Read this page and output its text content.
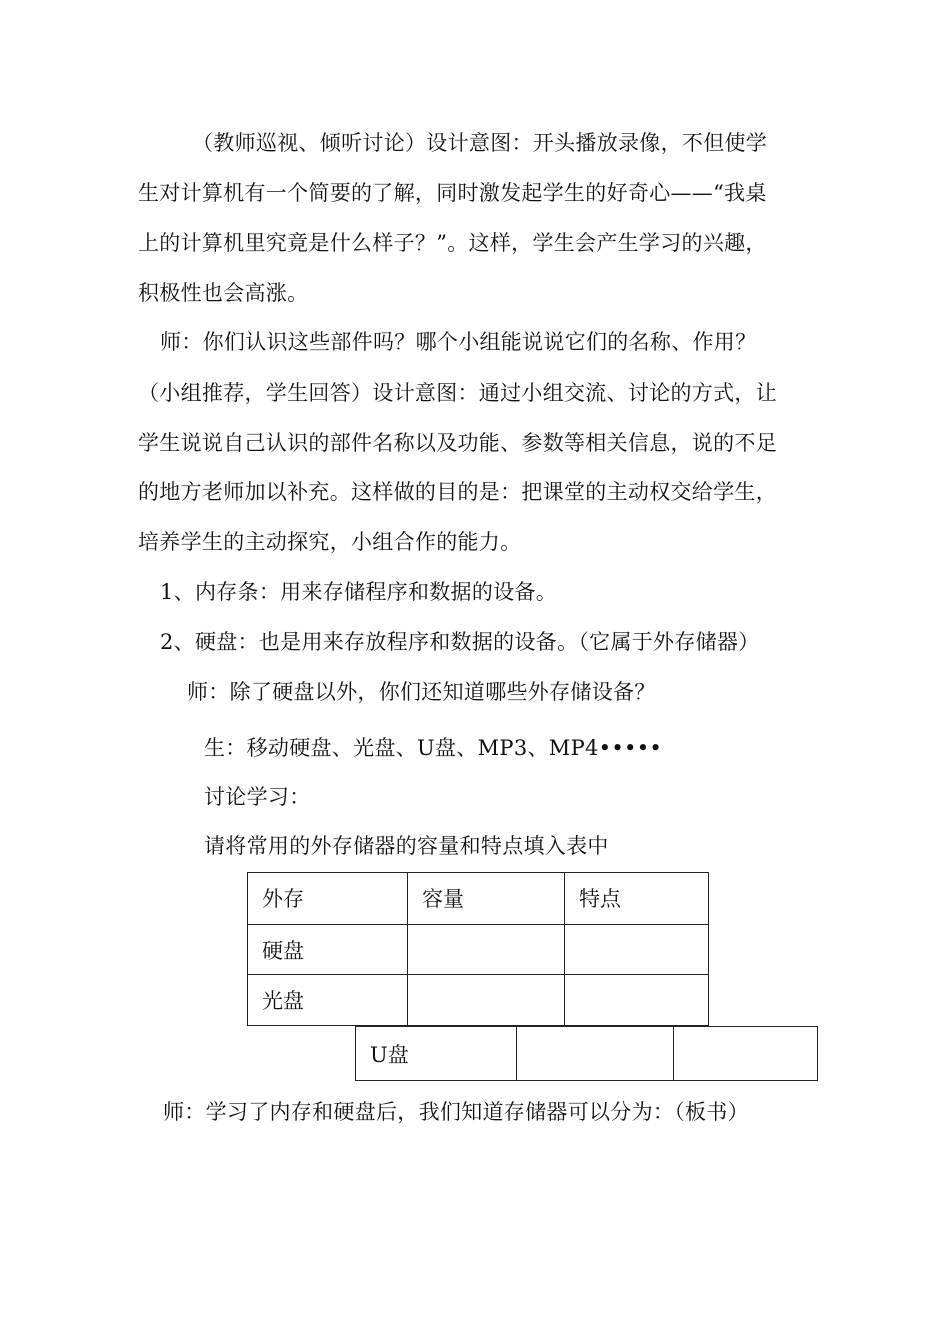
（教师巡视、倾听讨论）设计意图：开头播放录像，不但使学
生对计算机有一个简要的了解，同时激发起学生的好奇心——“我桌
上的计算机里究竟是什么样子？”。这样，学生会产生学习的兴趣，
积极性也会高涨。
师：你们认识这些部件吗？哪个小组能说说它们的名称、作用？
（小组推荐，学生回答）设计意图：通过小组交流、讨论的方式，让
学生说说自己认识的部件名称以及功能、参数等相关信息，说的不足
的地方老师加以补充。这样做的目的是：把课堂的主动权交给学生，
培养学生的主动探究，小组合作的能力。
1、内存条：用来存储程序和数据的设备。
2、硬盘：也是用来存放程序和数据的设备。（它属于外存储器）
师：除了硬盘以外，你们还知道哪些外存储设备？
生：移动硬盘、光盘、U盘、MP3、MP4•••••
讨论学习：
请将常用的外存储器的容量和特点填入表中
外存	容量	特点
硬盘		
光盘		
U盘		
师：学习了内存和硬盘后，我们知道存储器可以分为：（板书）
